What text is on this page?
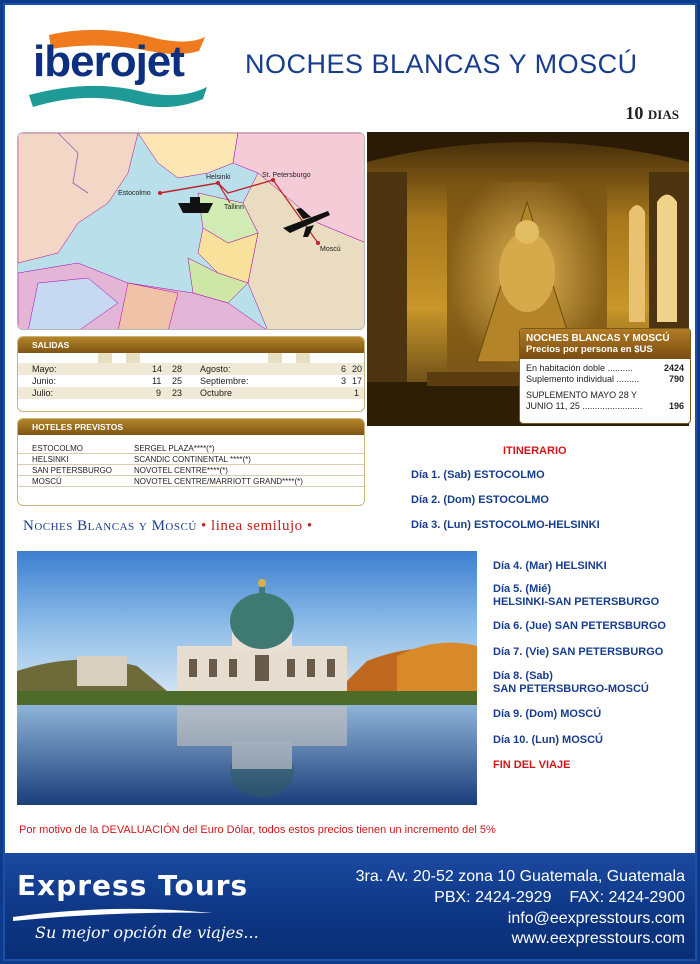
iberojet NOCHES BLANCAS Y MOSCÚ
10 DIAS
Estocolmo
Helsinki	St. Petersburgo
Tallinn
Moscú
NOCHES BLANCAS Y MOSCÚ
Precios por persona en $US
En habitación doble ..........	2424
Suplemento individual .........	790
SUPLEMENTO MAYO 28 Y
JUNIO 11, 25 ........................	196
SALIDAS
Mayo:	14 28 Agosto:	6 20
Junio:	11 25 Septiembre:	3 17
Julio:	9 23 Octubre	1
HOTELES PREVISTOS
ESTOCOLMO	SERGEL PLAZA****(*)
HELSINKI	SCANDIC CONTINENTAL ****(*)
SAN PETERSBURGO	NOVOTEL CENTRE****(*)
MOSCÚ	NOVOTEL CENTRE/MARRIOTT GRAND****(*)
Noches Blancas y Moscú • linea semilujo •
ITINERARIO
Día 1. (Sab) ESTOCOLMO
Día 2. (Dom) ESTOCOLMO
Día 3. (Lun) ESTOCOLMO-HELSINKI
Día 4. (Mar) HELSINKI
Día 5. (Mié)
HELSINKI-SAN PETERSBURGO
Día 6. (Jue) SAN PETERSBURGO
Día 7. (Vie) SAN PETERSBURGO
Día 8. (Sab)
SAN PETERSBURGO-MOSCÚ
Día 9. (Dom) MOSCÚ
Día 10. (Lun) MOSCÚ
FIN DEL VIAJE
Por motivo de la DEVALUACIÓN del Euro Dólar, todos estos precios tienen un incremento del 5%
Express Tours
Su mejor opción de viajes...
3ra. Av. 20-52 zona 10 Guatemala, Guatemala
PBX: 2424-2929    FAX: 2424-2900
info@eexpresstours.com
www.eexpresstours.com
